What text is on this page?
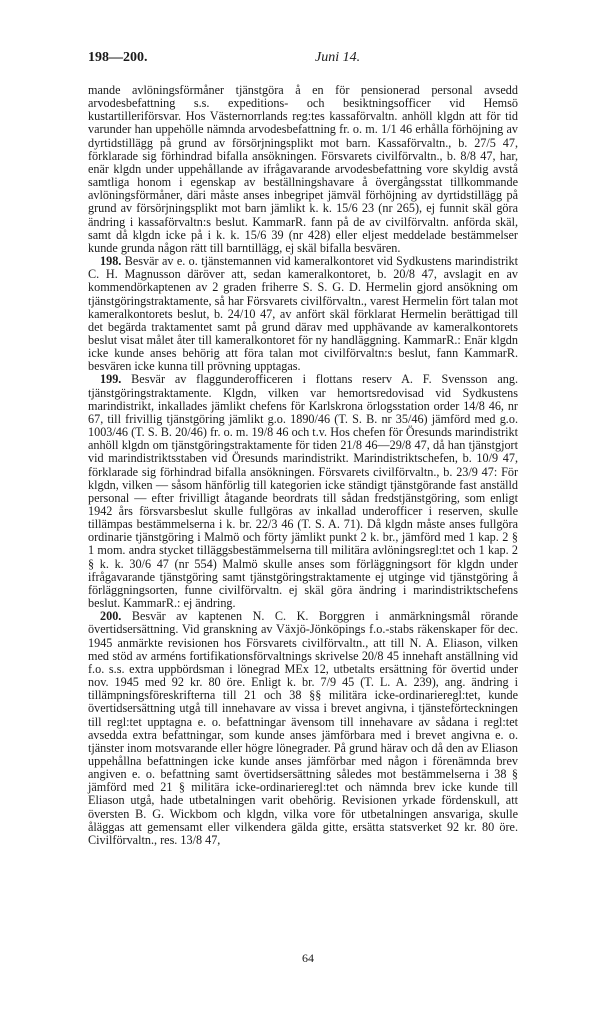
198—200.	Juni 14.

mande avlöningsförmåner tjänstgöra å en för pensionerad personal avsedd arvodesbefattning s.s. expeditions- och besiktningsofficer vid Hemsö kustartilleriförsvar. Hos Västernorrlands reg:tes kassaförvaltn. anhöll klgdn att för tid varunder han uppehölle nämnda arvodesbefattning fr. o. m. 1/1 46 erhålla förhöjning av dyrtidstillägg på grund av försörjningsplikt mot barn. Kassaförvaltn., b. 27/5 47, förklarade sig förhindrad bifalla ansökningen. Försvarets civilförvaltn., b. 8/8 47, har, enär klgdn under uppehållande av ifrågavarande arvodesbefattning vore skyldig avstå samtliga honom i egenskap av beställningshavare å övergångsstat tillkommande avlöningsförmåner, däri måste anses inbegripet jämväl förhöjning av dyrtidstillägg på grund av försörjningsplikt mot barn jämlikt k. k. 15/6 23 (nr 265), ej funnit skäl göra ändring i kassaförvaltn:s beslut. KammarR. fann på de av civilförvaltn. anförda skäl, samt då klgdn icke på i k. k. 15/6 39 (nr 428) eller eljest meddelade bestämmelser kunde grunda någon rätt till barntillägg, ej skäl bifalla besvären.

198. Besvär av e. o. tjänstemannen vid kameralkontoret vid Sydkustens marindistrikt C. H. Magnusson däröver att, sedan kameralkontoret, b. 20/8 47, avslagit en av kommendörkaptenen av 2 graden friherre S. S. G. D. Hermelin gjord ansökning om tjänstgöringstraktamente, så har Försvarets civilförvaltn., varest Hermelin fört talan mot kameralkontorets beslut, b. 24/10 47, av anfört skäl förklarat Hermelin berättigad till det begärda traktamentet samt på grund därav med upphävande av kameralkontorets beslut visat målet åter till kameralkontoret för ny handläggning. KammarR.: Enär klgdn icke kunde anses behörig att föra talan mot civilförvaltn:s beslut, fann KammarR. besvären icke kunna till prövning upptagas.

199. Besvär av flaggunderofficeren i flottans reserv A. F. Svensson ang. tjänstgöringstraktamente. Klgdn, vilken var hemortsredovisad vid Sydkustens marindistrikt, inkallades jämlikt chefens för Karlskrona örlogsstation order 14/8 46, nr 67, till frivillig tjänstgöring jämlikt g.o. 1890/46 (T. S. B. nr 35/46) jämförd med g.o. 1003/46 (T. S. B. 20/46) fr. o. m. 19/8 46 och t.v. Hos chefen för Öresunds marindistrikt anhöll klgdn om tjänstgöringstraktamente för tiden 21/8 46—29/8 47, då han tjänstgjort vid marindistriktsstaben vid Öresunds marindistrikt. Marindistriktschefen, b. 10/9 47, förklarade sig förhindrad bifalla ansökningen. Försvarets civilförvaltn., b. 23/9 47: För klgdn, vilken — såsom hänförlig till kategorien icke ständigt tjänstgörande fast anställd personal — efter frivilligt åtagande beordrats till sådan fredstjänstgöring, som enligt 1942 års försvarsbeslut skulle fullgöras av inkallad underofficer i reserven, skulle tillämpas bestämmelserna i k. br. 22/3 46 (T. S. A. 71). Då klgdn måste anses fullgöra ordinarie tjänstgöring i Malmö och förty jämlikt punkt 2 k. br., jämförd med 1 kap. 2 § 1 mom. andra stycket tilläggsbestämmelserna till militära avlöningsregl:tet och 1 kap. 2 § k. k. 30/6 47 (nr 554) Malmö skulle anses som förläggningsort för klgdn under ifrågavarande tjänstgöring samt tjänstgöringstraktamente ej utginge vid tjänstgöring å förläggningsorten, funne civilförvaltn. ej skäl göra ändring i marindistriktschefens beslut. KammarR.: ej ändring.

200. Besvär av kaptenen N. C. K. Borggren i anmärkningsmål rörande övertidsersättning. Vid granskning av Växjö-Jönköpings f.o.-stabs räkenskaper för dec. 1945 anmärkte revisionen hos Försvarets civilförvaltn., att till N. A. Eliason, vilken med stöd av arméns fortifikationsförvaltnings skrivelse 20/8 45 innehaft anställning vid f.o. s.s. extra uppbördsman i lönegrad MEx 12, utbetalts ersättning för övertid under nov. 1945 med 92 kr. 80 öre. Enligt k. br. 7/9 45 (T. L. A. 239), ang. ändring i tillämpningsföreskrifterna till 21 och 38 §§ militära icke-ordinarieregl:tet, kunde övertidsersättning utgå till innehavare av vissa i brevet angivna, i tjänsteförteckningen till regl:tet upptagna e. o. befattningar ävensom till innehavare av sådana i regl:tet avsedda extra befattningar, som kunde anses jämförbara med i brevet angivna e. o. tjänster inom motsvarande eller högre lönegrader. På grund härav och då den av Eliason uppehållna befattningen icke kunde anses jämförbar med någon i förenämnda brev angiven e. o. befattning samt övertidsersättning således mot bestämmelserna i 38 § jämförd med 21 § militära icke-ordinarieregl:tet och nämnda brev icke kunde till Eliason utgå, hade utbetalningen varit obehörig. Revisionen yrkade fördenskull, att översten B. G. Wickbom och klgdn, vilka vore för utbetalningen ansvariga, skulle åläggas att gemensamt eller vilkendera gälda gitte, ersätta statsverket 92 kr. 80 öre. Civilförvaltn., res. 13/8 47,

64
